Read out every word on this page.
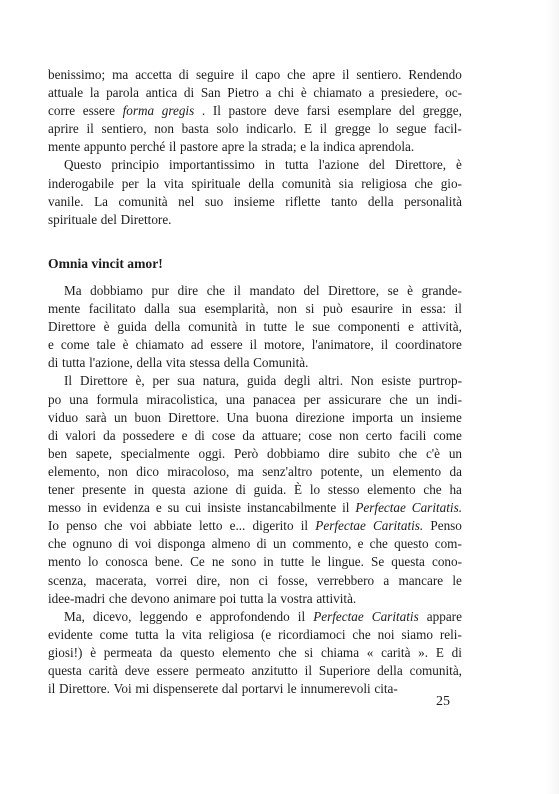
benissimo; ma accetta di seguire il capo che apre il sentiero. Rendendo
attuale la parola antica di San Pietro a chi è chiamato a presiedere, oc-
corre essere forma gregis . Il pastore deve farsi esemplare del gregge,
aprire il sentiero, non basta solo indicarlo. E il gregge lo segue facil-
mente appunto perché il pastore apre la strada; e la indica aprendola.
Questo principio importantissimo in tutta l'azione del Direttore, è
inderogabile per la vita spirituale della comunità sia religiosa che gio-
vanile. La comunità nel suo insieme riflette tanto della personalità
spirituale del Direttore.
Omnia vincit amor!
Ma dobbiamo pur dire che il mandato del Direttore, se è grande-
mente facilitato dalla sua esemplarità, non si può esaurire in essa: il
Direttore è guida della comunità in tutte le sue componenti e attività,
e come tale è chiamato ad essere il motore, l'animatore, il coordinatore
di tutta l'azione, della vita stessa della Comunità.
Il Direttore è, per sua natura, guida degli altri. Non esiste purtrop-
po una formula miracolistica, una panacea per assicurare che un indi-
viduo sarà un buon Direttore. Una buona direzione importa un insieme
di valori da possedere e di cose da attuare; cose non certo facili come
ben sapete, specialmente oggi. Però dobbiamo dire subito che c'è un
elemento, non dico miracoloso, ma senz'altro potente, un elemento da
tener presente in questa azione di guida. È lo stesso elemento che ha
messo in evidenza e su cui insiste instancabilmente il Perfectae Caritatis.
Io penso che voi abbiate letto e... digerito il Perfectae Caritatis. Penso
che ognuno di voi disponga almeno di un commento, e che questo com-
mento lo conosca bene. Ce ne sono in tutte le lingue. Se questa cono-
scenza, macerata, vorrei dire, non ci fosse, verrebbero a mancare le
idee-madri che devono animare poi tutta la vostra attività.
Ma, dicevo, leggendo e approfondendo il Perfectae Caritatis appare
evidente come tutta la vita religiosa (e ricordiamoci che noi siamo reli-
giosi!) è permeata da questo elemento che si chiama « carità ». E di
questa carità deve essere permeato anzitutto il Superiore della comunità,
il Direttore. Voi mi dispenserete dal portarvi le innumerevoli cita-
25
